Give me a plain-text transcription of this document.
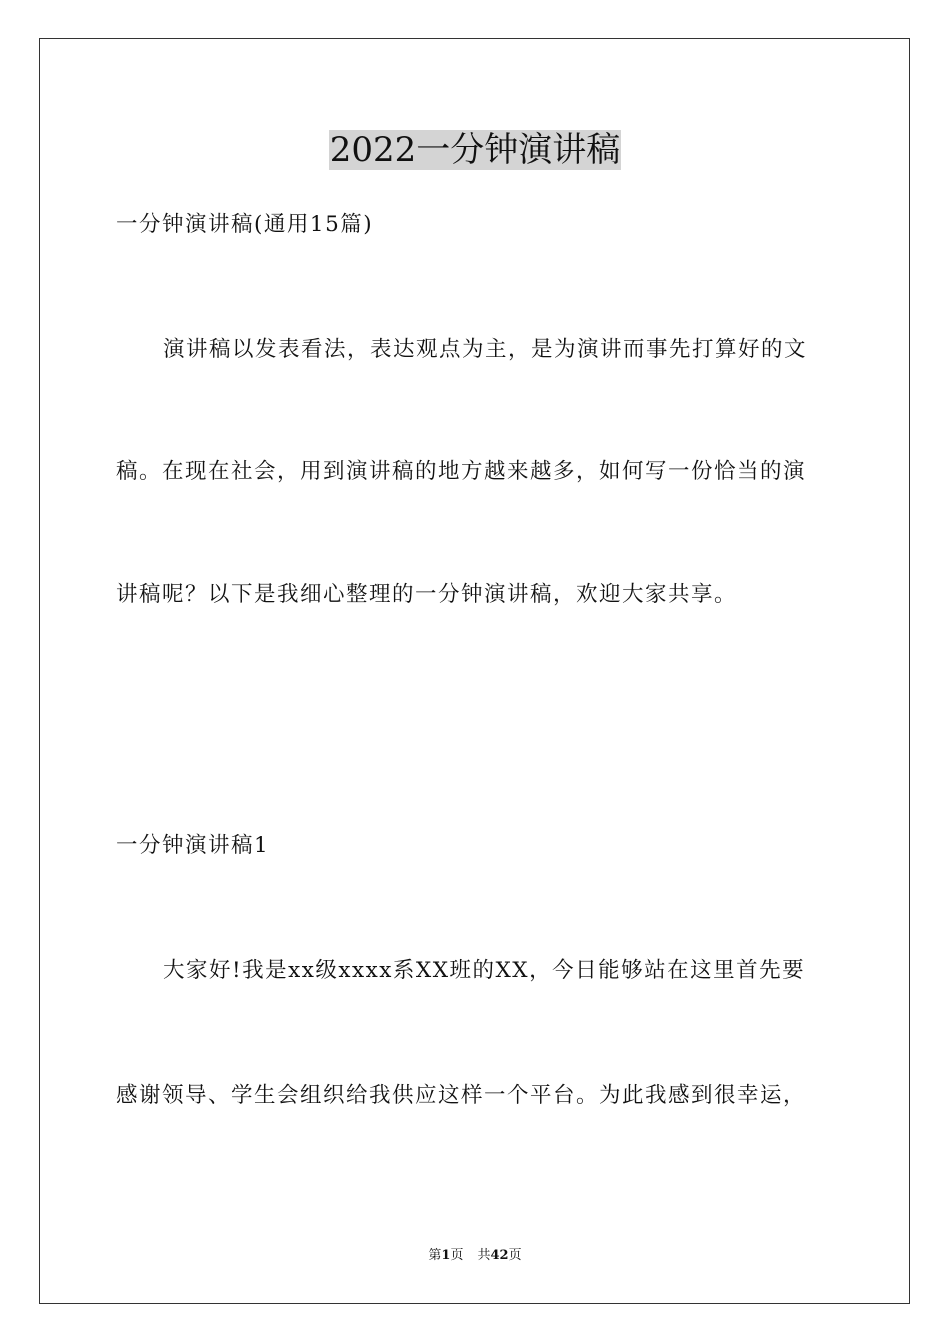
2022一分钟演讲稿
一分钟演讲稿(通用15篇)
演讲稿以发表看法，表达观点为主，是为演讲而事先打算好的文
稿。在现在社会，用到演讲稿的地方越来越多，如何写一份恰当的演
讲稿呢？以下是我细心整理的一分钟演讲稿，欢迎大家共享。
一分钟演讲稿1
大家好!我是xx级xxxx系XX班的XX，今日能够站在这里首先要
感谢领导、学生会组织给我供应这样一个平台。为此我感到很幸运，
第1页 共42页
